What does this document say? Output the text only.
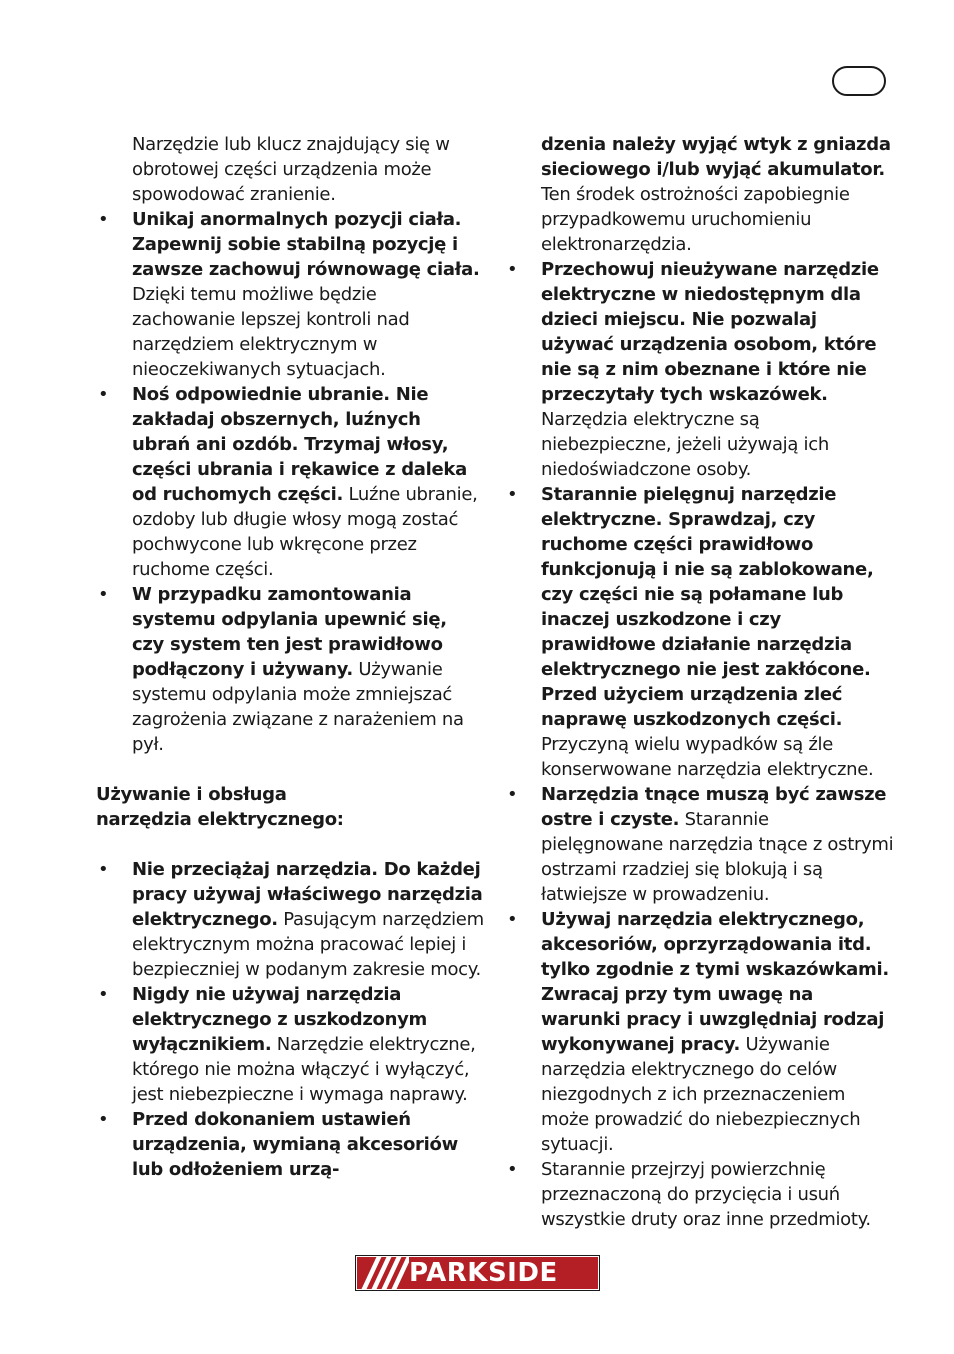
Narzędzie lub klucz znajdujący się w obrotowej części urządzenia może spowodować zranienie.
•	Unikaj anormalnych pozycji ciała. Zapewnij sobie stabilną pozycję i zawsze zachowuj równowagę ciała. Dzięki temu możliwe będzie zachowanie lepszej kontroli nad narzędziem elektrycznym w nieoczekiwanych sytuacjach.
•	Noś odpowiednie ubranie. Nie zakładaj obszernych, luźnych ubrań ani ozdób. Trzymaj włosy, części ubrania i rękawice z daleka od ruchomych części. Luźne ubranie, ozdoby lub długie włosy mogą zostać pochwycone lub wkręcone przez ruchome części.
•	W przypadku zamontowania systemu odpylania upewnić się, czy system ten jest prawidłowo podłączony i używany. Używanie systemu odpylania może zmniejszać zagrożenia związane z narażeniem na pył.
Używanie i obsługa
narzędzia elektrycznego:
•	Nie przeciążaj narzędzia. Do każdej pracy używaj właściwego narzędzia elektrycznego. Pasującym narzędziem elektrycznym można pracować lepiej i bezpieczniej w podanym zakresie mocy.
•	Nigdy nie używaj narzędzia elektrycznego z uszkodzonym wyłącznikiem. Narzędzie elektryczne, którego nie można włączyć i wyłączyć, jest niebezpieczne i wymaga naprawy.
•	Przed dokonaniem ustawień urządzenia, wymianą akcesoriów lub odłożeniem urzą-
dzenia należy wyjąć wtyk z gniazda sieciowego i/lub wyjąć akumulator. Ten środek ostrożności zapobiegnie przypadkowemu uruchomieniu elektronarzędzia.
•	Przechowuj nieużywane narzędzie elektryczne w niedostępnym dla dzieci miejscu. Nie pozwalaj używać urządzenia osobom, które nie są z nim obeznane i które nie przeczytały tych wskazówek. Narzędzia elektryczne są niebezpieczne, jeżeli używają ich niedoświadczone osoby.
•	Starannie pielęgnuj narzędzie elektryczne. Sprawdzaj, czy ruchome części prawidłowo funkcjonują i nie są zablokowane, czy części nie są połamane lub inaczej uszkodzone i czy prawidłowe działanie narzędzia elektrycznego nie jest zakłócone. Przed użyciem urządzenia zleć naprawę uszkodzonych części. Przyczyną wielu wypadków są źle konserwowane narzędzia elektryczne.
•	Narzędzia tnące muszą być zawsze ostre i czyste. Starannie pielęgnowane narzędzia tnące z ostrymi ostrzami rzadziej się blokują i są łatwiejsze w prowadzeniu.
•	Używaj narzędzia elektrycznego, akcesoriów, oprzyrządowania itd. tylko zgodnie z tymi wskazówkami. Zwracaj przy tym uwagę na warunki pracy i uwzględniaj rodzaj wykonywanej pracy. Używanie narzędzia elektrycznego do celów niezgodnych z ich przeznaczeniem może prowadzić do niebezpiecznych sytuacji.
•	Starannie przejrzyj powierzchnię przeznaczoną do przycięcia i usuń wszystkie druty oraz inne przedmioty.
PARKSIDE
